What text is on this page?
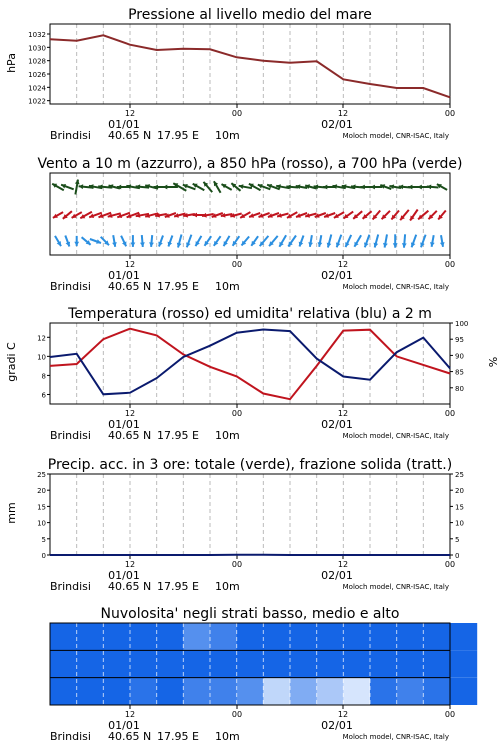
Pressione al livello medio del mare
hPa
Vento a 10 m (azzurro), a 850 hPa (rosso), a 700 hPa (verde)
Temperatura (rosso) ed umidita' relativa (blu) a 2 m
gradi C	%
Precip. acc. in 3 ore: totale (verde), frazione solida (tratt.)
mm
Nuvolosita' negli strati basso, medio e alto
12	00	12	00
01/01	02/01
Brindisi 40.65 N 17.95 E 10m	Moloch model, CNR-ISAC, Italy
12	00	12	00
01/01	02/01
Brindisi 40.65 N 17.95 E 10m	Moloch model, CNR-ISAC, Italy
12	00	12	00
01/01	02/01
Brindisi 40.65 N 17.95 E 10m	Moloch model, CNR-ISAC, Italy
12	00	12	00
01/01	02/01
Brindisi 40.65 N 17.95 E 10m	Moloch model, CNR-ISAC, Italy
12	00	12	00
01/01	02/01
Brindisi 40.65 N 17.95 E 10m	Moloch model, CNR-ISAC, Italy
1022
1024
1026
1028
1030
1032
6
8
10
12
80
85
90
95
100
0	0
5	5
10	10
15	15
20	20
25	25
